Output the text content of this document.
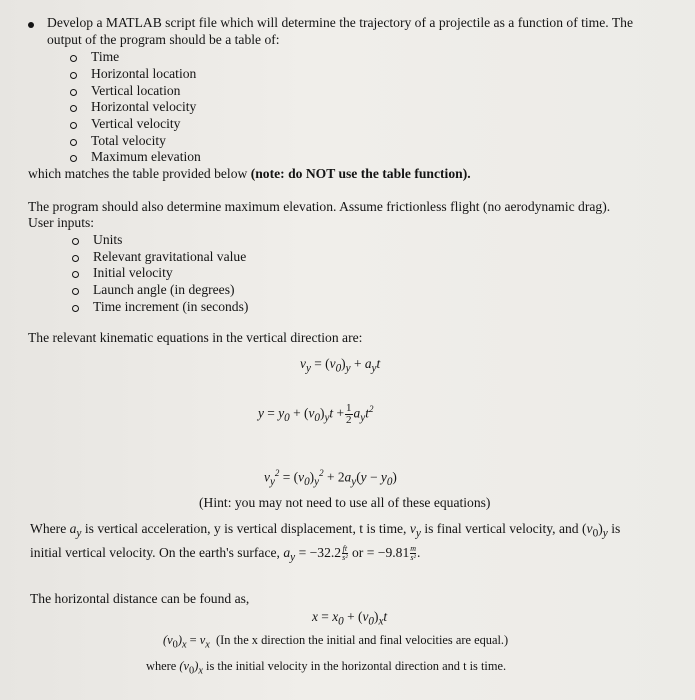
Develop a MATLAB script file which will determine the trajectory of a projectile as a function of time. The
output of the program should be a table of:
Time
Horizontal location
Vertical location
Horizontal velocity
Vertical velocity
Total velocity
Maximum elevation
which matches the table provided below (note: do NOT use the table function).
The program should also determine maximum elevation. Assume frictionless flight (no aerodynamic drag).
User inputs:
Units
Relevant gravitational value
Initial velocity
Launch angle (in degrees)
Time increment (in seconds)
The relevant kinematic equations in the vertical direction are:
$v_y = (v_0)_y + a_yt$
$y = y_0 + (v_0)_yt + \frac{1}{2} a_yt^2$
$v_y^2 = (v_0)_y^2 + 2a_y(y - y_0)$
(Hint: you may not need to use all of these equations)
Where $a_y$ is vertical acceleration, y is vertical displacement, t is time, $v_y$ is final vertical velocity, and $(v_0)_y$ is
initial vertical velocity. On the earth's surface, $a_y = -32.2 \frac{ft}{\text{s²}}$ or = $-9.81 \frac{m}{\text{s²}}$ .
The horizontal distance can be found as,
$x = x_0 + (v_0)_xt$
$(v_0)_x = v_x$ (In the x direction the initial and final velocities are equal.)
where $(v_0)_x$ is the initial velocity in the horizontal direction and t is time.
